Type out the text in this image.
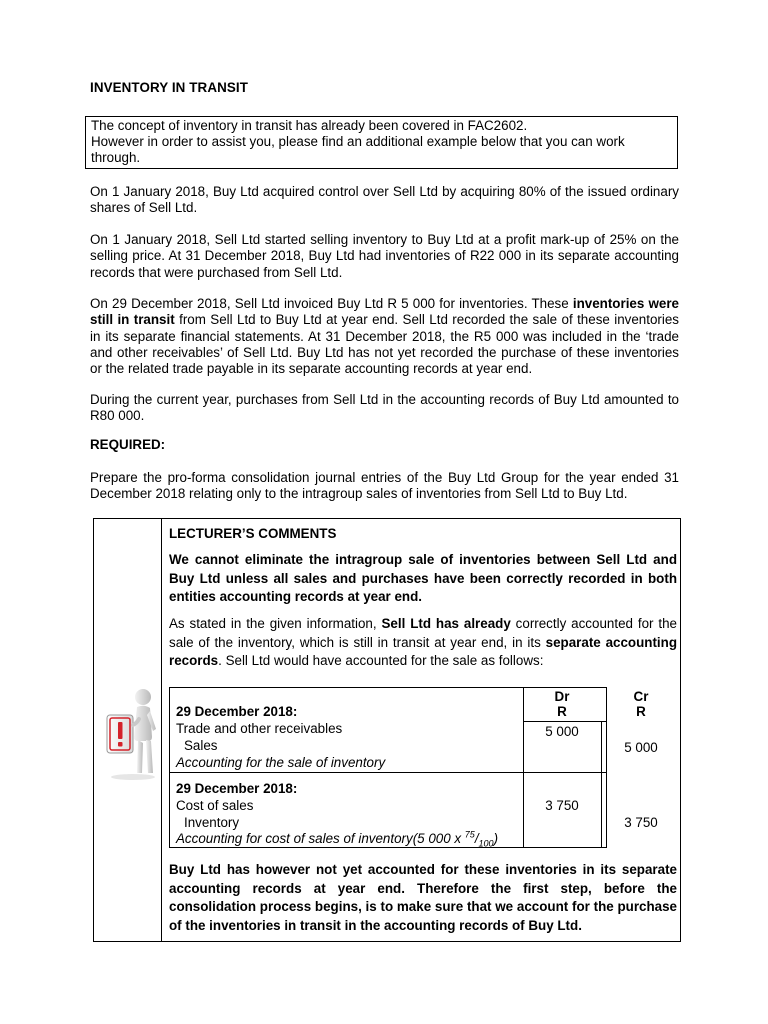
INVENTORY IN TRANSIT

The concept of inventory in transit has already been covered in FAC2602.

However in order to assist you, please find an additional example below that you can work through.

On 1 January 2018, Buy Ltd acquired control over Sell Ltd by acquiring 80% of the issued ordinary shares of Sell Ltd.

On 1 January 2018, Sell Ltd started selling inventory to Buy Ltd at a profit mark-up of 25% on the selling price. At 31 December 2018, Buy Ltd had inventories of R22 000 in its separate accounting records that were purchased from Sell Ltd.

On 29 December 2018, Sell Ltd invoiced Buy Ltd R 5 000 for inventories. These inventories were still in transit from Sell Ltd to Buy Ltd at year end. Sell Ltd recorded the sale of these inventories in its separate financial statements. At 31 December 2018, the R5 000 was included in the ‘trade and other receivables’ of Sell Ltd. Buy Ltd has not yet recorded the purchase of these inventories or the related trade payable in its separate accounting records at year end.

During the current year, purchases from Sell Ltd in the accounting records of Buy Ltd amounted to R80 000.

REQUIRED:

Prepare the pro-forma consolidation journal entries of the Buy Ltd Group for the year ended 31 December 2018 relating only to the intragroup sales of inventories from Sell Ltd to Buy Ltd.

LECTURER’S COMMENTS

We cannot eliminate the intragroup sale of inventories between Sell Ltd and Buy Ltd unless all sales and purchases have been correctly recorded in both entities accounting records at year end.

As stated in the given information, Sell Ltd has already correctly accounted for the sale of the inventory, which is still in transit at year end, in its separate accounting records. Sell Ltd would have accounted for the sale as follows:

Buy Ltd has however not yet accounted for these inventories in its separate accounting records at year end. Therefore the first step, before the consolidation process begins, is to make sure that we account for the purchase of the inventories in transit in the accounting records of Buy Ltd.

Dr
R
Cr
R
29 December 2018:
Trade and other receivables
Sales
Accounting for the sale of inventory
5 000
5 000
29 December 2018:
Cost of sales
Inventory
Accounting for cost of sales of inventory(5 000 x $^{75}/_{100}$)
3 750
3 750
